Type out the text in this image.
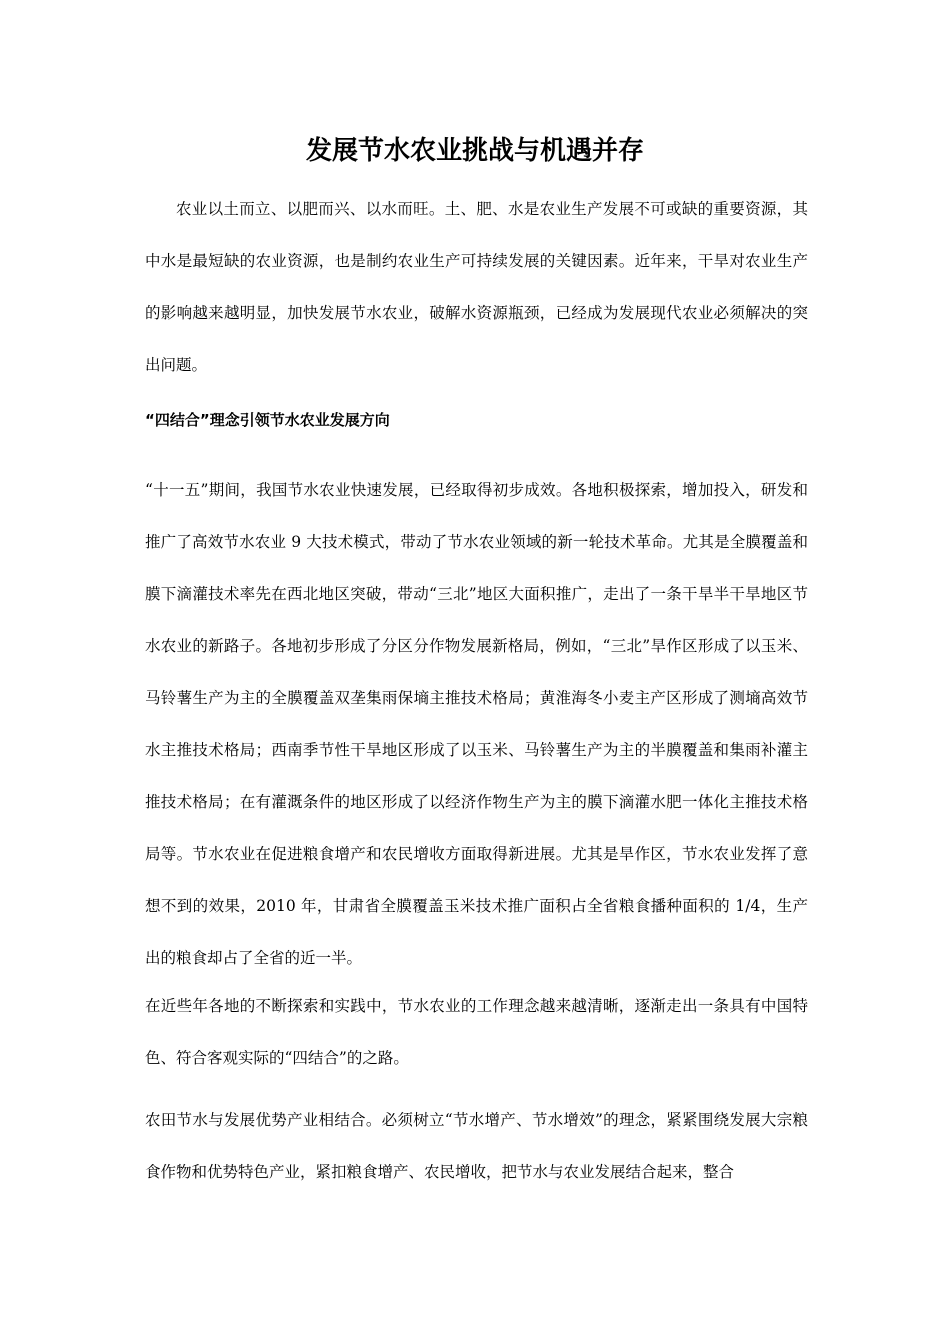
发展节水农业挑战与机遇并存

农业以土而立、以肥而兴、以水而旺。土、肥、水是农业生产发展不可或缺的重要资源，其中水是最短缺的农业资源，也是制约农业生产可持续发展的关键因素。近年来，干旱对农业生产的影响越来越明显，加快发展节水农业，破解水资源瓶颈，已经成为发展现代农业必须解决的突出问题。

“四结合”理念引领节水农业发展方向

“十一五”期间，我国节水农业快速发展，已经取得初步成效。各地积极探索，增加投入，研发和推广了高效节水农业 9 大技术模式，带动了节水农业领域的新一轮技术革命。尤其是全膜覆盖和膜下滴灌技术率先在西北地区突破，带动“三北”地区大面积推广，走出了一条干旱半干旱地区节水农业的新路子。各地初步形成了分区分作物发展新格局，例如，“三北”旱作区形成了以玉米、马铃薯生产为主的全膜覆盖双垄集雨保墒主推技术格局；黄淮海冬小麦主产区形成了测墒高效节水主推技术格局；西南季节性干旱地区形成了以玉米、马铃薯生产为主的半膜覆盖和集雨补灌主推技术格局；在有灌溉条件的地区形成了以经济作物生产为主的膜下滴灌水肥一体化主推技术格局等。节水农业在促进粮食增产和农民增收方面取得新进展。尤其是旱作区，节水农业发挥了意想不到的效果，2010 年，甘肃省全膜覆盖玉米技术推广面积占全省粮食播种面积的 1/4，生产出的粮食却占了全省的近一半。

在近些年各地的不断探索和实践中，节水农业的工作理念越来越清晰，逐渐走出一条具有中国特色、符合客观实际的“四结合”的之路。

农田节水与发展优势产业相结合。必须树立“节水增产、节水增效”的理念，紧紧围绕发展大宗粮食作物和优势特色产业，紧扣粮食增产、农民增收，把节水与农业发展结合起来，整合
